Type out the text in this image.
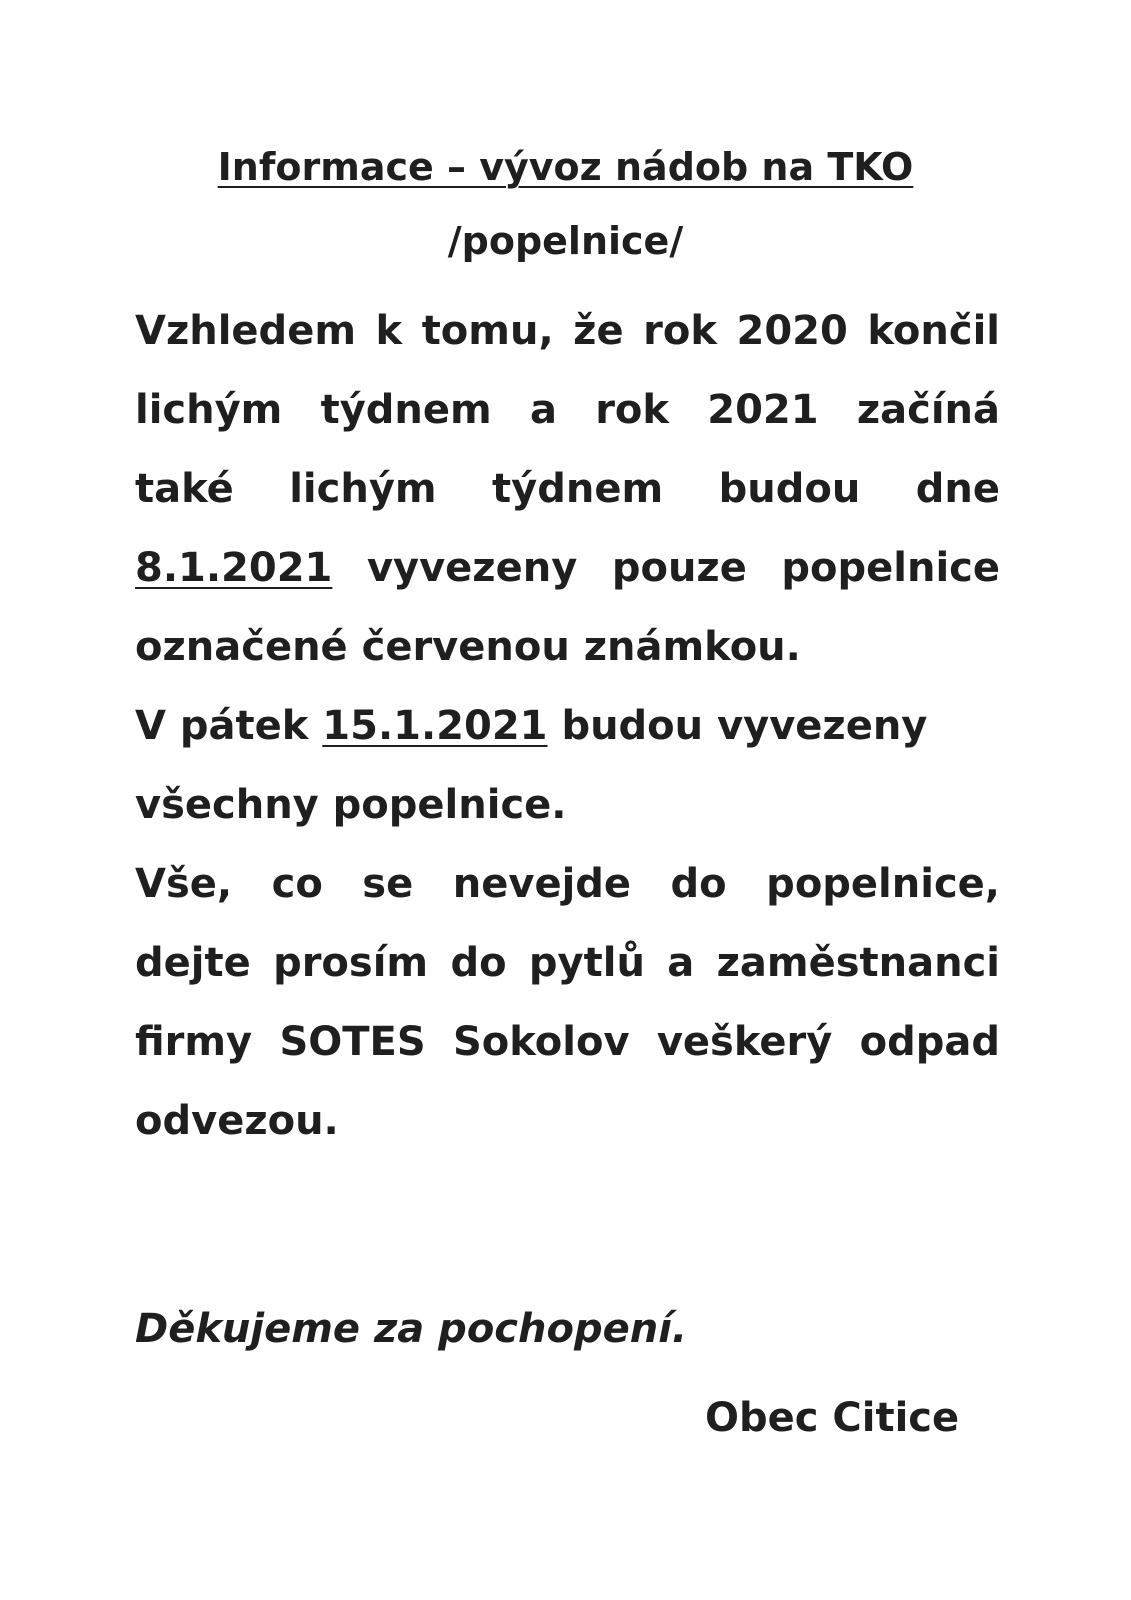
Informace – vývoz nádob na TKO

/popelnice/

Vzhledem k tomu, že rok 2020 končil

lichým týdnem a rok 2021 začíná

také lichým týdnem budou dne

8.1.2021 vyvezeny pouze popelnice

označené červenou známkou.

V pátek 15.1.2021 budou vyvezeny

všechny popelnice.

Vše, co se nevejde do popelnice,

dejte prosím do pytlů a zaměstnanci

firmy SOTES Sokolov veškerý odpad

odvezou.

Děkujeme za pochopení.

Obec Citice
